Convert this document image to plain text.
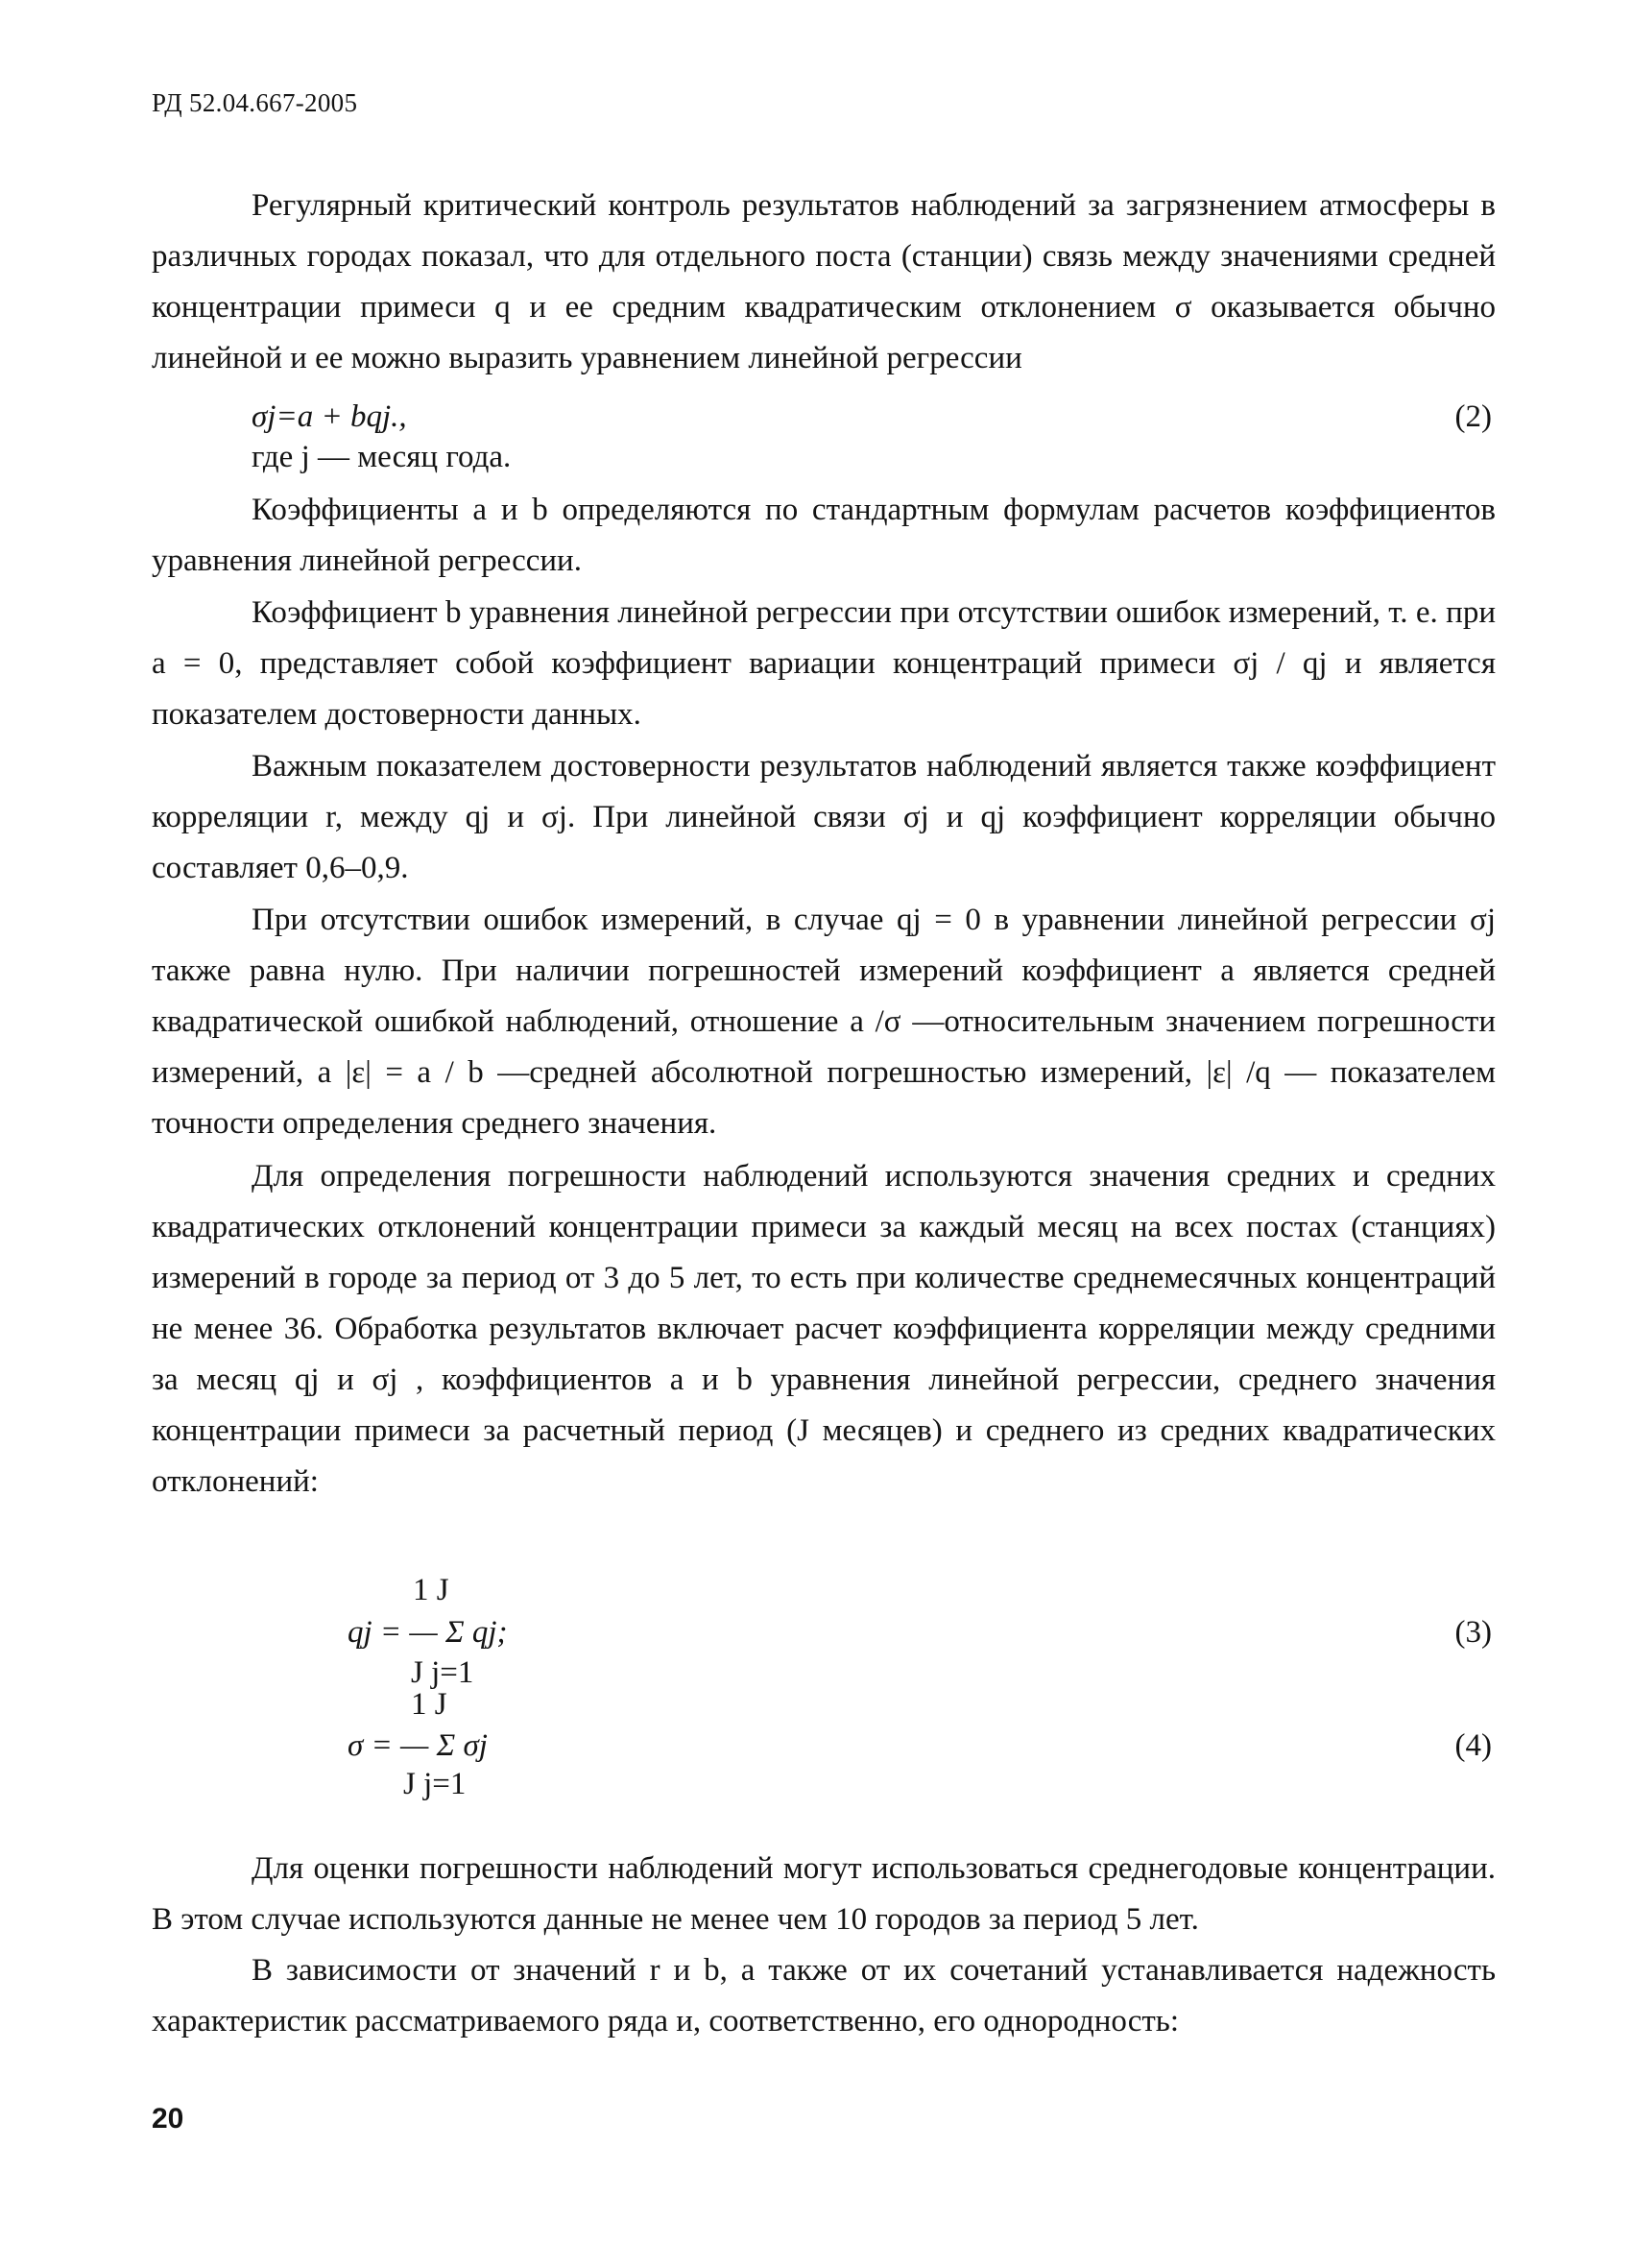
РД 52.04.667-2005

Регулярный критический контроль результатов наблюдений за загрязнением атмосферы в различных городах показал, что для отдельного поста (станции) связь между значениями средней концентрации примеси q и ее средним квадратическим отклонением σ оказывается обычно линейной и ее можно выразить уравнением линейной регрессии

σj=a + bqj.,	(2)
где j — месяц года.

Коэффициенты a и b определяются по стандартным формулам расчетов коэффициентов уравнения линейной регрессии.

Коэффициент b уравнения линейной регрессии при отсутствии ошибок измерений, т. е. при a = 0, представляет собой коэффициент вариации концентраций примеси σj / qj и является показателем достоверности данных.

Важным показателем достоверности результатов наблюдений является также коэффициент корреляции r, между qj и σj. При линейной связи σj и qj коэффициент корреляции обычно составляет 0,6–0,9.

При отсутствии ошибок измерений, в случае qj = 0 в уравнении линейной регрессии σj также равна нулю. При наличии погрешностей измерений коэффициент a является средней квадратической ошибкой наблюдений, отношение a /σ —относительным значением погрешности измерений, а |ε| = a / b —средней абсолютной погрешностью измерений, |ε| /q — показателем точности определения среднего значения.

Для определения погрешности наблюдений используются значения средних и средних квадратических отклонений концентрации примеси за каждый месяц на всех постах (станциях) измерений в городе за период от 3 до 5 лет, то есть при количестве среднемесячных концентраций не менее 36. Обработка результатов включает расчет коэффициента корреляции между средними за месяц qj и σj , коэффициентов a и b уравнения линейной регрессии, среднего значения концентрации примеси за расчетный период (J месяцев) и среднего из средних квадратических отклонений:

1 J
qj = — Σ qj;	(3)
J j=1
1 J
σ = — Σ σj	(4)
J j=1

Для оценки погрешности наблюдений могут использоваться среднегодовые концентрации. В этом случае используются данные не менее чем 10 городов за период 5 лет.

В зависимости от значений r и b, а также от их сочетаний устанавливается надежность характеристик рассматриваемого ряда и, соответственно, его однородность:

20
